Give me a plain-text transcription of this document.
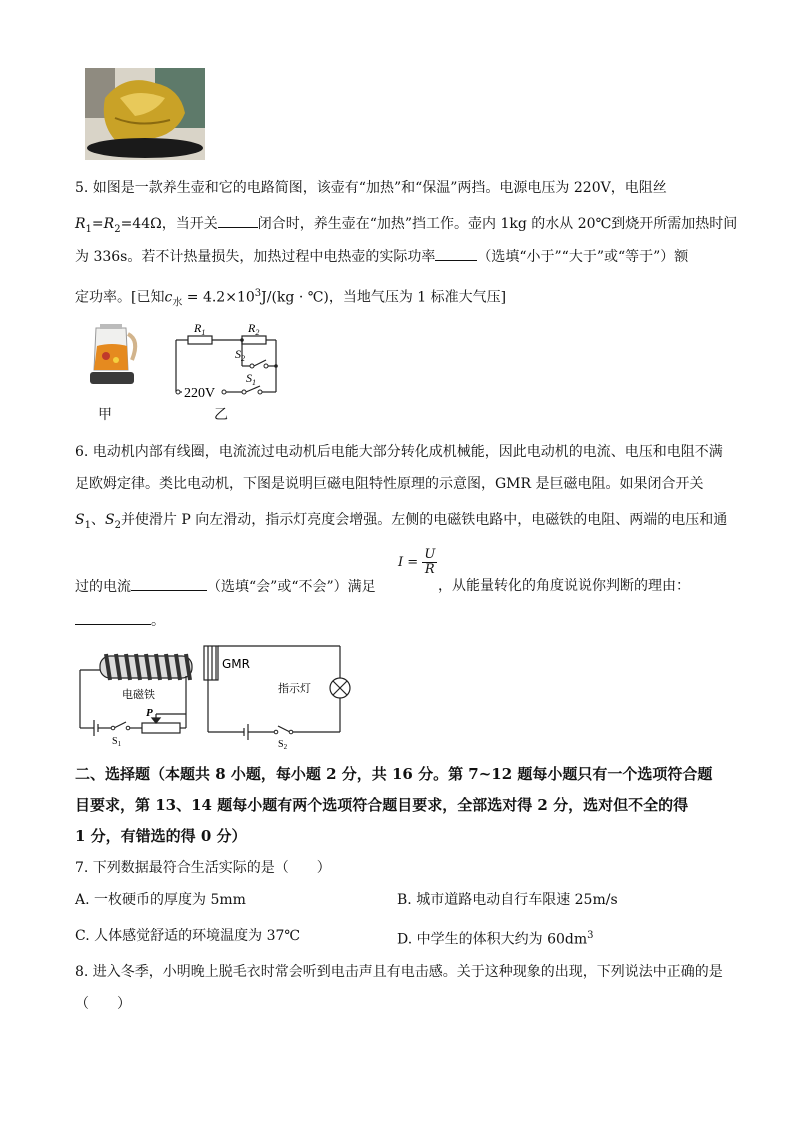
5. 如图是一款养生壶和它的电路简图，该壶有“加热”和“保温”两挡。电源电压为 220V，电阻丝
$R_1=R_2=44\Omega$，当开关	闭合时，养生壶在“加热”挡工作。壶内 1kg 的水从 20℃到烧开所需加热时间
为 336s。若不计热量损失，加热过程中电热壶的实际功率	（选填“小于”“大于”或“等于”）额
定功率。[已知$c_水 = 4.2\times 10^3J/(kg$ · ℃)，当地气压为 1 标准大气压]
甲
$R_1$	$R_2$
$S_2$
$S_1$
220V
乙
6. 电动机内部有线圈，电流流过电动机后电能大部分转化成机械能，因此电动机的电流、电压和电阻不满
足欧姆定律。类比电动机，下图是说明巨磁电阻特性原理的示意图，GMR 是巨磁电阻。如果闭合开关
$S_1$、$S_2$并使滑片 P 向左滑动，指示灯亮度会增强。左侧的电磁铁电路中，电磁铁的电阻、两端的电压和通
过的电流	（选填“会”或“不会”）满足
$I = \frac{U}{R}$
，从能量转化的角度说说你判断的理由：
。
电磁铁
GMR
指示灯
P
$S_1$	$S_2$
二、选择题（本题共 8 小题，每小题 2 分，共 16 分。第 7~12 题每小题只有一个选项符合题
目要求，第 13、14 题每小题有两个选项符合题目要求，全部选对得 2 分，选对但不全的得
1 分，有错选的得 0 分）
7. 下列数据最符合生活实际的是（　　）
A. 一枚硬币的厚度为 5mm	B. 城市道路电动自行车限速 25m/s
C. 人体感觉舒适的环境温度为 37℃	D. 中学生的体积大约为 $60dm^3$
8. 进入冬季，小明晚上脱毛衣时常会听到电击声且有电击感。关于这种现象的出现，下列说法中正确的是
（　　）
